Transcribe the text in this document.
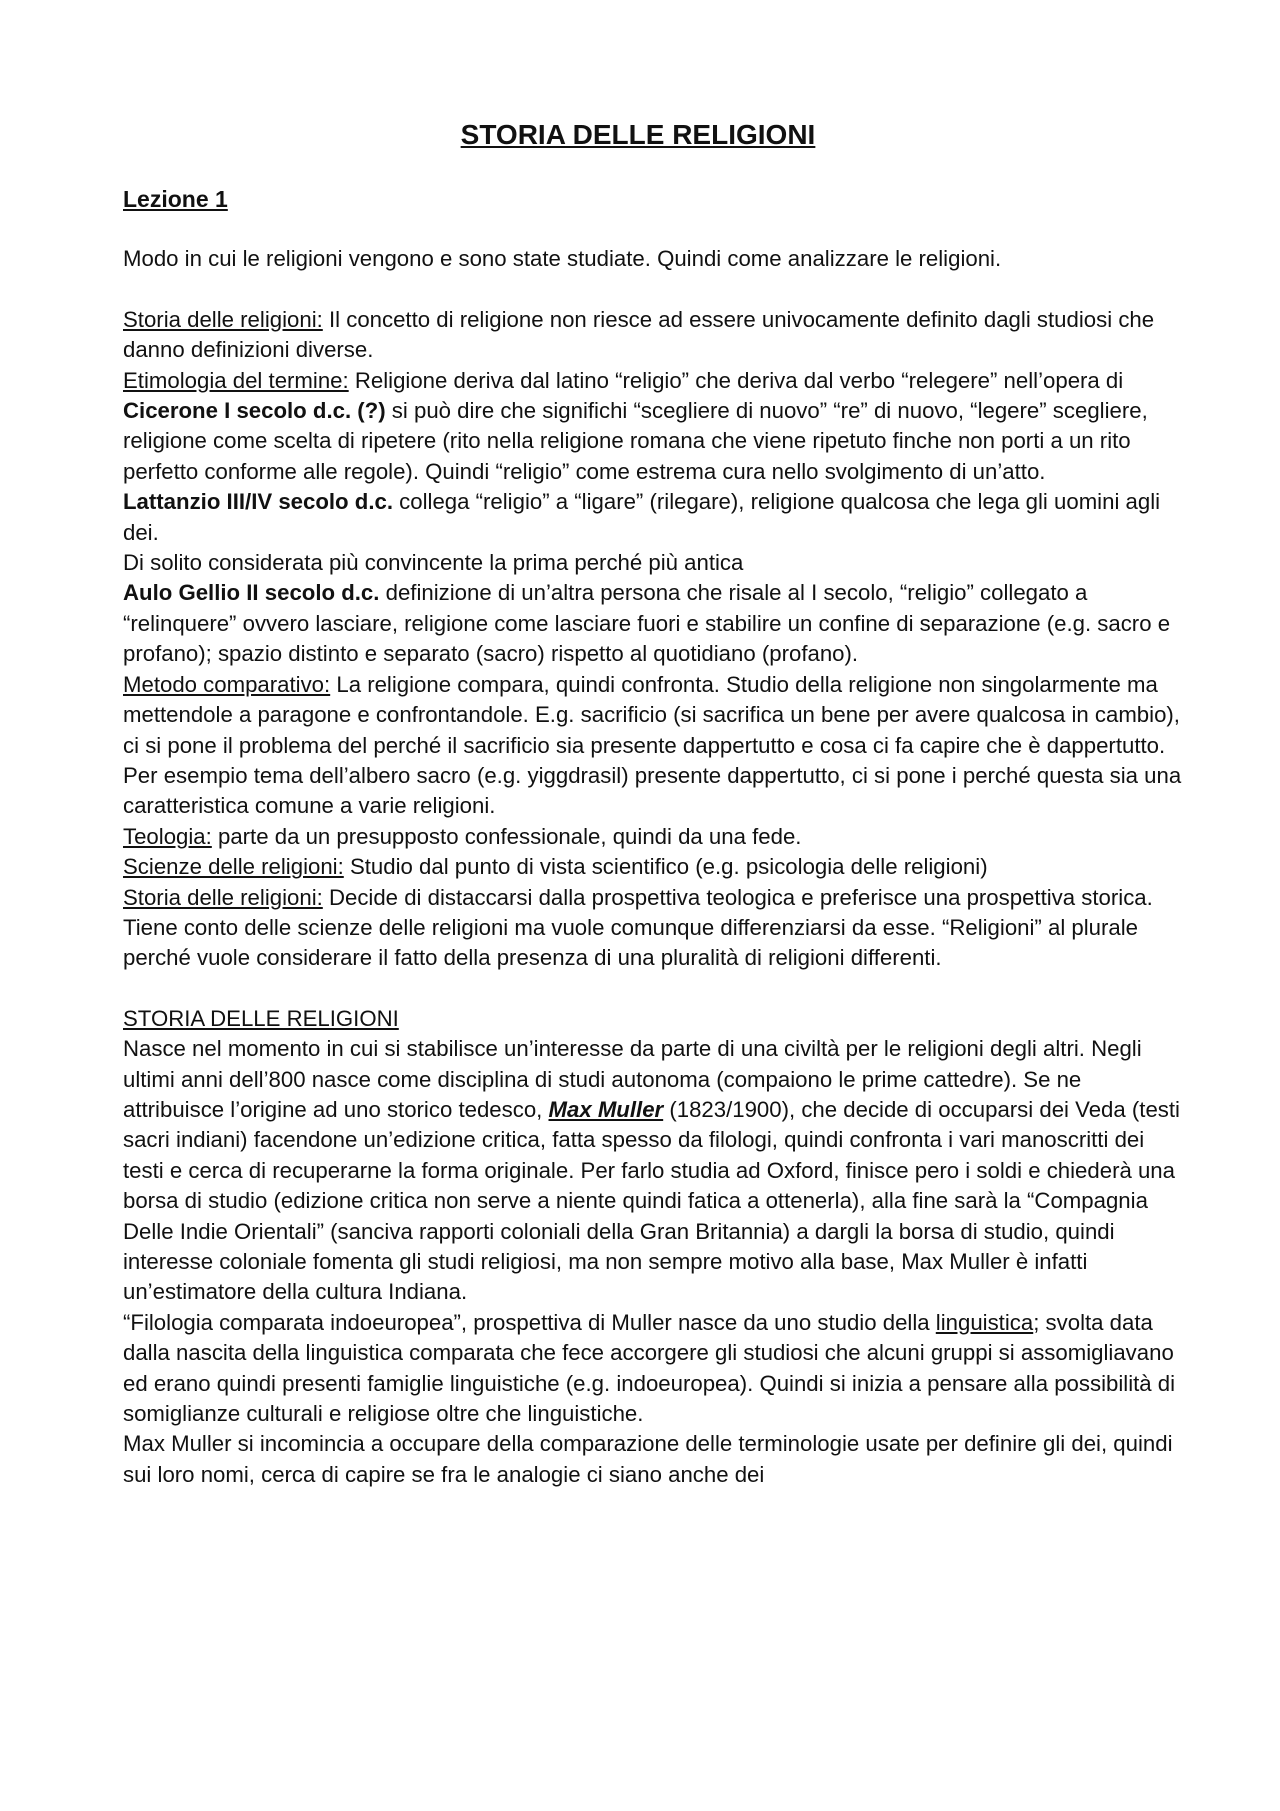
STORIA DELLE RELIGIONI
Lezione 1

Modo in cui le religioni vengono e sono state studiate. Quindi come analizzare le religioni.

Storia delle religioni: Il concetto di religione non riesce ad essere univocamente definito dagli studiosi che danno definizioni diverse.

Etimologia del termine: Religione deriva dal latino “religio” che deriva dal verbo “relegere” nell’opera di Cicerone I secolo d.c. (?) si può dire che significhi “scegliere di nuovo” “re” di nuovo, “legere” scegliere, religione come scelta di ripetere (rito nella religione romana che viene ripetuto finche non porti a un rito perfetto conforme alle regole). Quindi “religio” come estrema cura nello svolgimento di un’atto.

Lattanzio III/IV secolo d.c. collega “religio” a “ligare” (rilegare), religione qualcosa che lega gli uomini agli dei.

Di solito considerata più convincente la prima perché più antica

Aulo Gellio II secolo d.c. definizione di un’altra persona che risale al I secolo, “religio” collegato a “relinquere” ovvero lasciare, religione come lasciare fuori e stabilire un confine di separazione (e.g. sacro e profano); spazio distinto e separato (sacro) rispetto al quotidiano (profano).

Metodo comparativo: La religione compara, quindi confronta. Studio della religione non singolarmente ma mettendole a paragone e confrontandole. E.g. sacrificio (si sacrifica un bene per avere qualcosa in cambio), ci si pone il problema del perché il sacrificio sia presente dappertutto e cosa ci fa capire che è dappertutto. Per esempio tema dell’albero sacro (e.g. yiggdrasil) presente dappertutto, ci si pone i perché questa sia una caratteristica comune a varie religioni.

Teologia: parte da un presupposto confessionale, quindi da una fede.

Scienze delle religioni: Studio dal punto di vista scientifico (e.g. psicologia delle religioni)

Storia delle religioni: Decide di distaccarsi dalla prospettiva teologica e preferisce una prospettiva storica. Tiene conto delle scienze delle religioni ma vuole comunque differenziarsi da esse. “Religioni” al plurale perché vuole considerare il fatto della presenza di una pluralità di religioni differenti.

STORIA DELLE RELIGIONI

Nasce nel momento in cui si stabilisce un’interesse da parte di una civiltà per le religioni degli altri. Negli ultimi anni dell’800 nasce come disciplina di studi autonoma (compaiono le prime cattedre). Se ne attribuisce l’origine ad uno storico tedesco, Max Muller (1823/1900), che decide di occuparsi dei Veda (testi sacri indiani) facendone un’edizione critica, fatta spesso da filologi, quindi confronta i vari manoscritti dei testi e cerca di recuperarne la forma originale. Per farlo studia ad Oxford, finisce pero i soldi e chiederà una borsa di studio (edizione critica non serve a niente quindi fatica a ottenerla), alla fine sarà la “Compagnia Delle Indie Orientali” (sanciva rapporti coloniali della Gran Britannia) a dargli la borsa di studio, quindi interesse coloniale fomenta gli studi religiosi, ma non sempre motivo alla base, Max Muller è infatti un’estimatore della cultura Indiana.

“Filologia comparata indoeuropea”, prospettiva di Muller nasce da uno studio della linguistica; svolta data dalla nascita della linguistica comparata che fece accorgere gli studiosi che alcuni gruppi si assomigliavano ed erano quindi presenti famiglie linguistiche (e.g. indoeuropea). Quindi si inizia a pensare alla possibilità di somiglianze culturali e religiose oltre che linguistiche.

Max Muller si incomincia a occupare della comparazione delle terminologie usate per definire gli dei, quindi sui loro nomi, cerca di capire se fra le analogie ci siano anche dei
